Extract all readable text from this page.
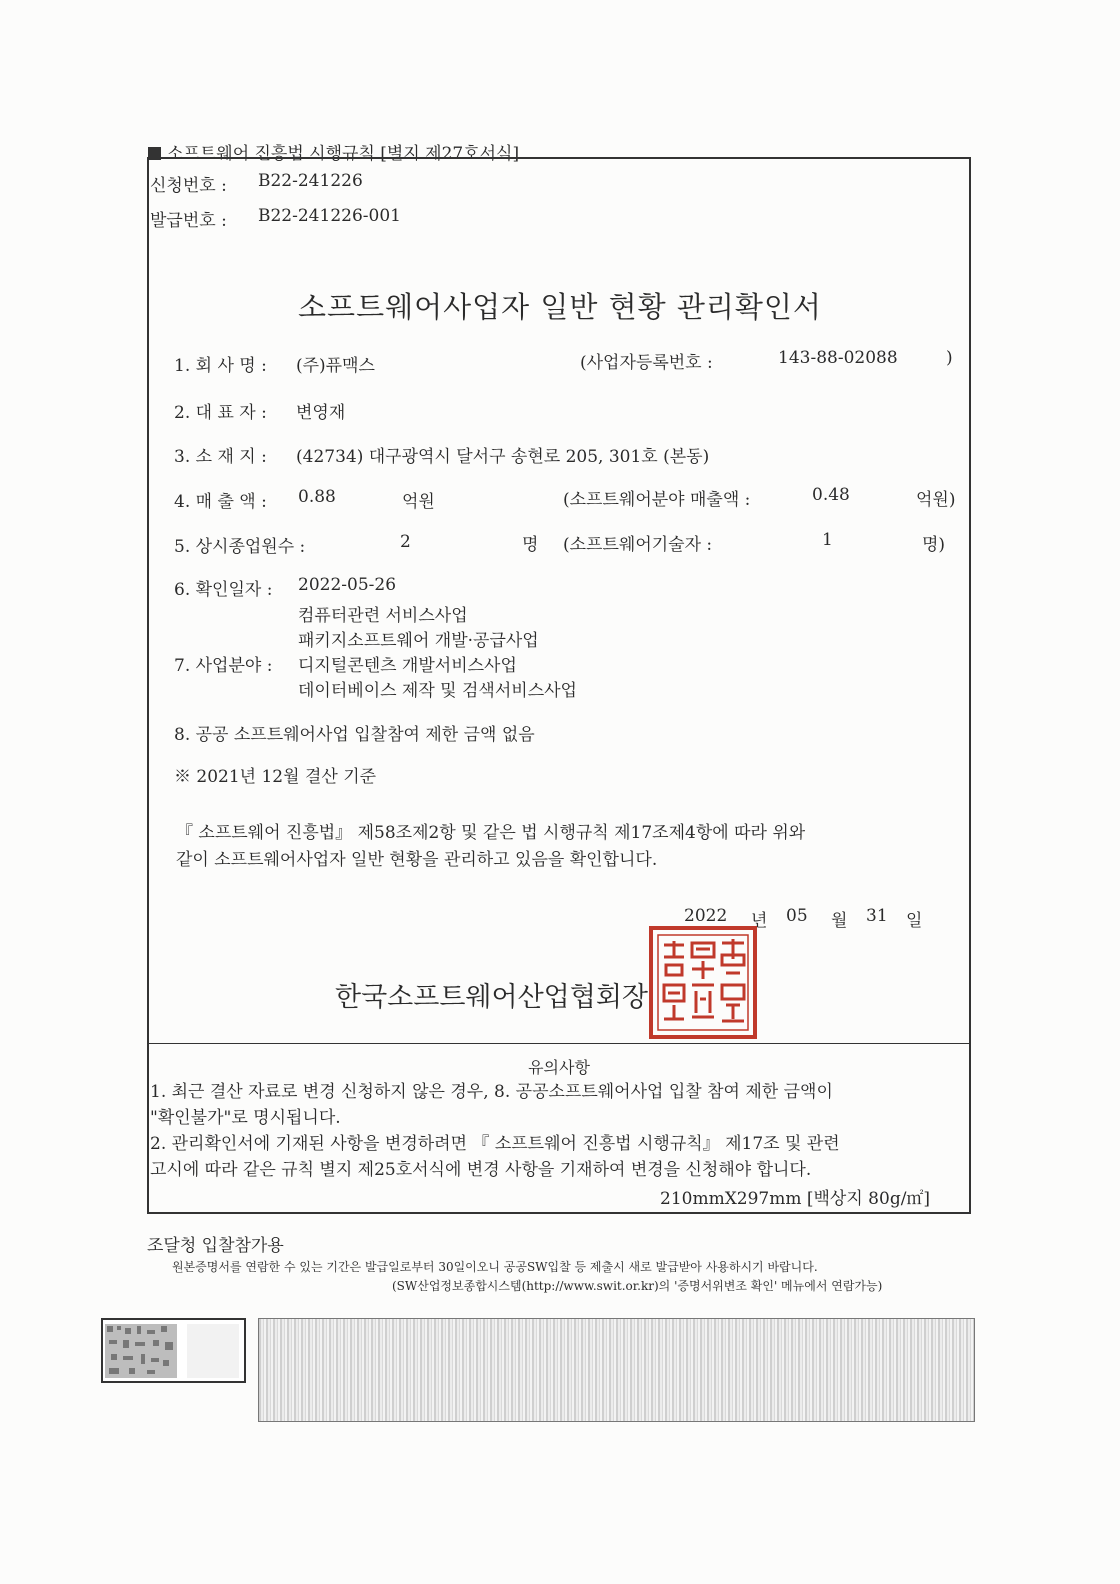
소프트웨어 진흥법 시행규칙 [별지 제27호서식]
신청번호 : B22-241226
발급번호 : B22-241226-001
소프트웨어사업자 일반 현황 관리확인서
1. 회 사 명 : (주)퓨맥스	(사업자등록번호 :	143-88-02088	)
2. 대 표 자 : 변영재
3. 소 재 지 : (42734) 대구광역시 달서구 송현로 205, 301호 (본동)
4. 매 출 액 : 0.88	억원	(소프트웨어분야 매출액 :	0.48	억원)
5. 상시종업원수 :	2	명 (소프트웨어기술자 :	1	명)
6. 확인일자 : 2022-05-26
컴퓨터관련 서비스사업
패키지소프트웨어 개발·공급사업
7. 사업분야 : 디지털콘텐츠 개발서비스사업
데이터베이스 제작 및 검색서비스사업
8. 공공 소프트웨어사업 입찰참여 제한 금액 없음
※ 2021년 12월 결산 기준
『 소프트웨어 진흥법』 제58조제2항 및 같은 법 시행규칙 제17조제4항에 따라 위와
같이 소프트웨어사업자 일반 현황을 관리하고 있음을 확인합니다.
2022 년 05 월 31 일
한국소프트웨어산업협회장
유의사항
1. 최근 결산 자료로 변경 신청하지 않은 경우, 8. 공공소프트웨어사업 입찰 참여 제한 금액이
"확인불가"로 명시됩니다.
2. 관리확인서에 기재된 사항을 변경하려면 『 소프트웨어 진흥법 시행규칙』 제17조 및 관련
고시에 따라 같은 규칙 별지 제25호서식에 변경 사항을 기재하여 변경을 신청해야 합니다.
210mmX297mm [백상지 80g/㎡]
조달청 입찰참가용
원본증명서를 연람한 수 있는 기간은 발급일로부터 30일이오니 공공SW입찰 등 제출시 새로 발급받아 사용하시기 바랍니다.
(SW산업정보종합시스템(http://www.swit.or.kr)의 '증명서위변조 확인' 메뉴에서 연람가능)
